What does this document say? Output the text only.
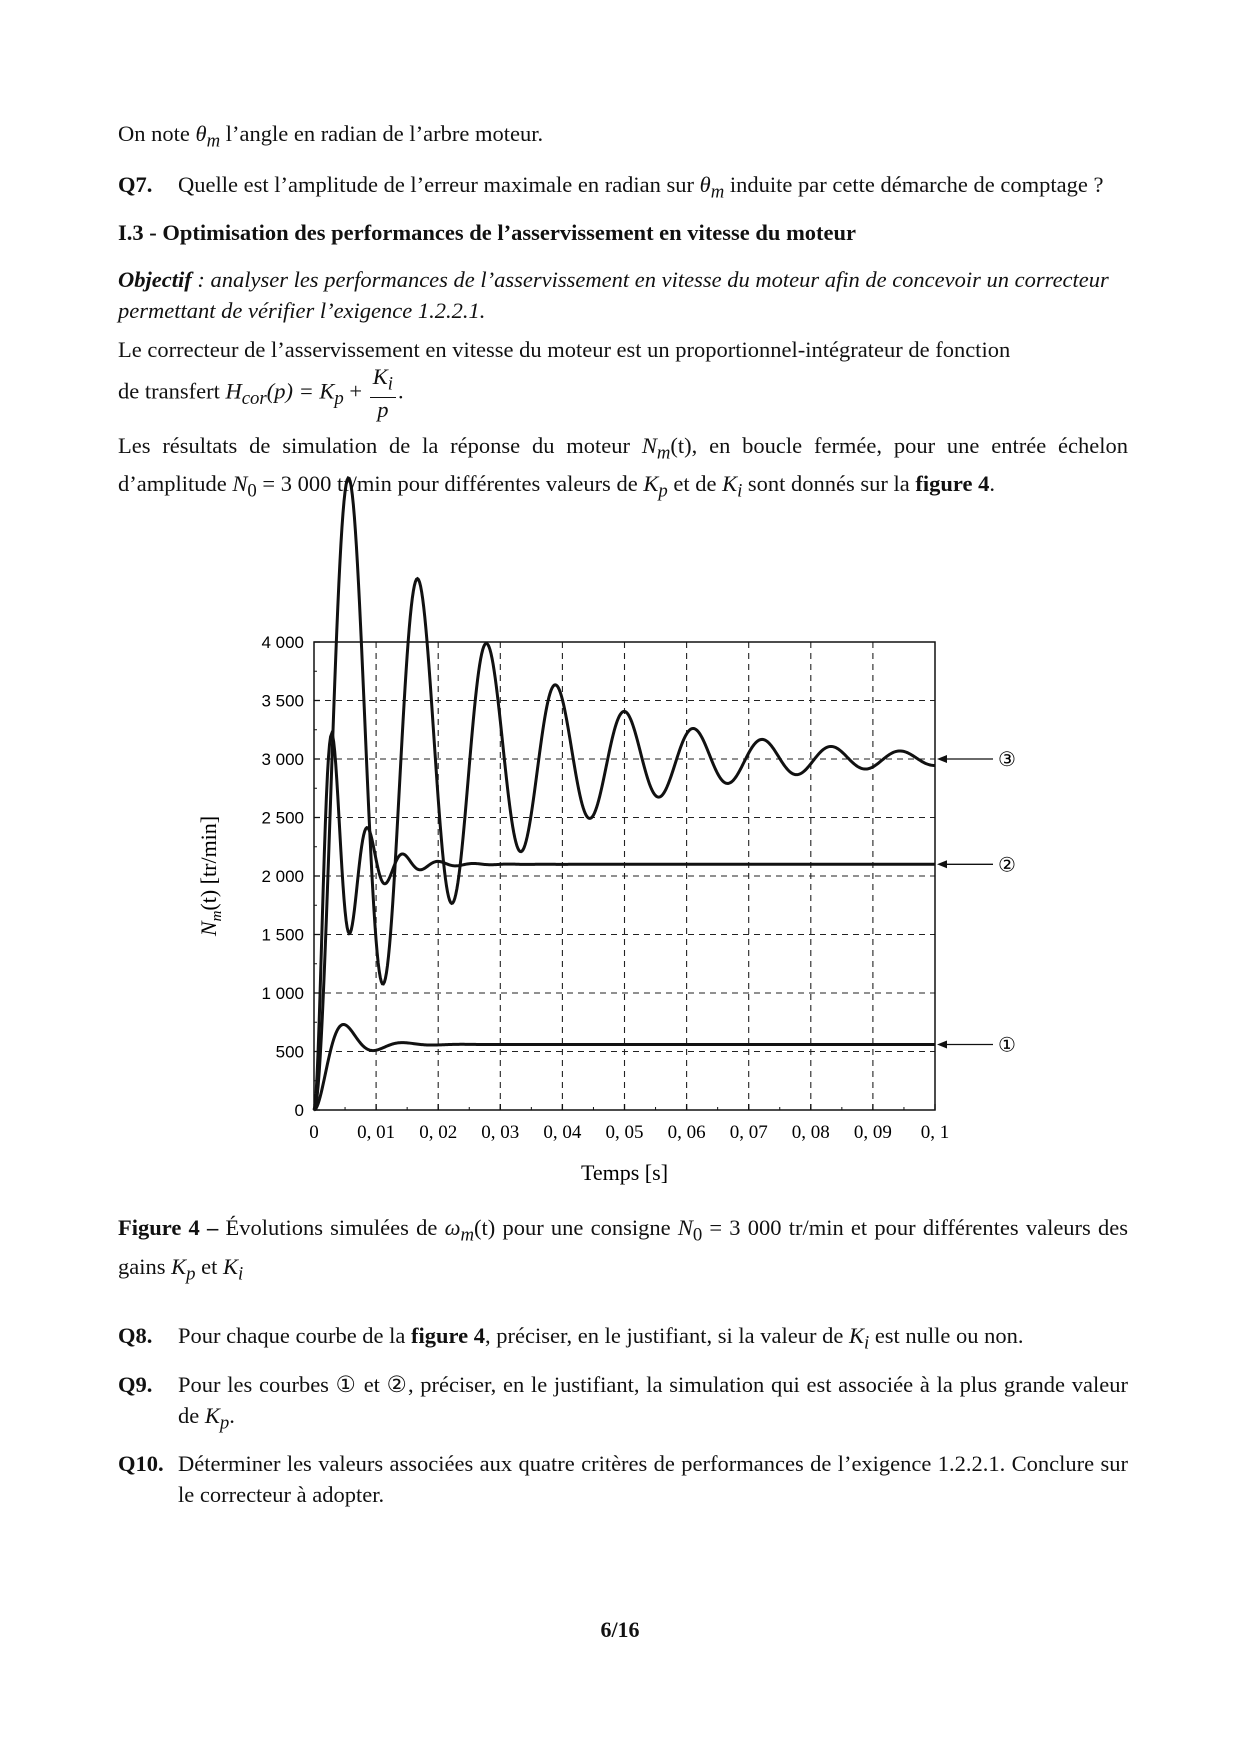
On note $\theta_m$ l’angle en radian de l’arbre moteur.

Q7.	Quelle est l’amplitude de l’erreur maximale en radian sur $\theta_m$ induite par cette démarche de comptage ?
I.3 - Optimisation des performances de l’asservissement en vitesse du moteur
Objectif : analyser les performances de l’asservissement en vitesse du moteur afin de concevoir un correcteur permettant de vérifier l’exigence 1.2.2.1.

Le correcteur de l’asservissement en vitesse du moteur est un proportionnel-intégrateur de fonction
de transfert $H_{cor}(p) = K_p + \frac{K_i}{p}$ .

Les résultats de simulation de la réponse du moteur $N_m(t)$, en boucle fermée, pour une entrée échelon d’amplitude $N_0 = 3$ 000 tr/min pour différentes valeurs de $K_p$ et de $K_i$ sont donnés sur la figure 4.

0 0, 01 0, 02 0, 03 0, 04 0, 05 0, 06 0, 07 0, 08 0, 09 0, 1
0
500
1 000
1 500
2 000
2 500
3 000
3 500
4 000
Temps [s]
$N_m(t)$ [tr/min]
①
②
③
Figure 4 – Évolutions simulées de $\omega_m(t)$ pour une consigne $N_0 = 3$ 000 tr/min et pour différentes valeurs des gains $K_p$ et $K_i$
Q8.	Pour chaque courbe de la figure 4, préciser, en le justifiant, si la valeur de $K_i$ est nulle ou non.
Q9.	Pour les courbes ① et ②, préciser, en le justifiant, la simulation qui est associée à la plus grande valeur de $K_p$.
Q10. Déterminer les valeurs associées aux quatre critères de performances de l’exigence 1.2.2.1. Conclure sur le correcteur à adopter.
6/16
